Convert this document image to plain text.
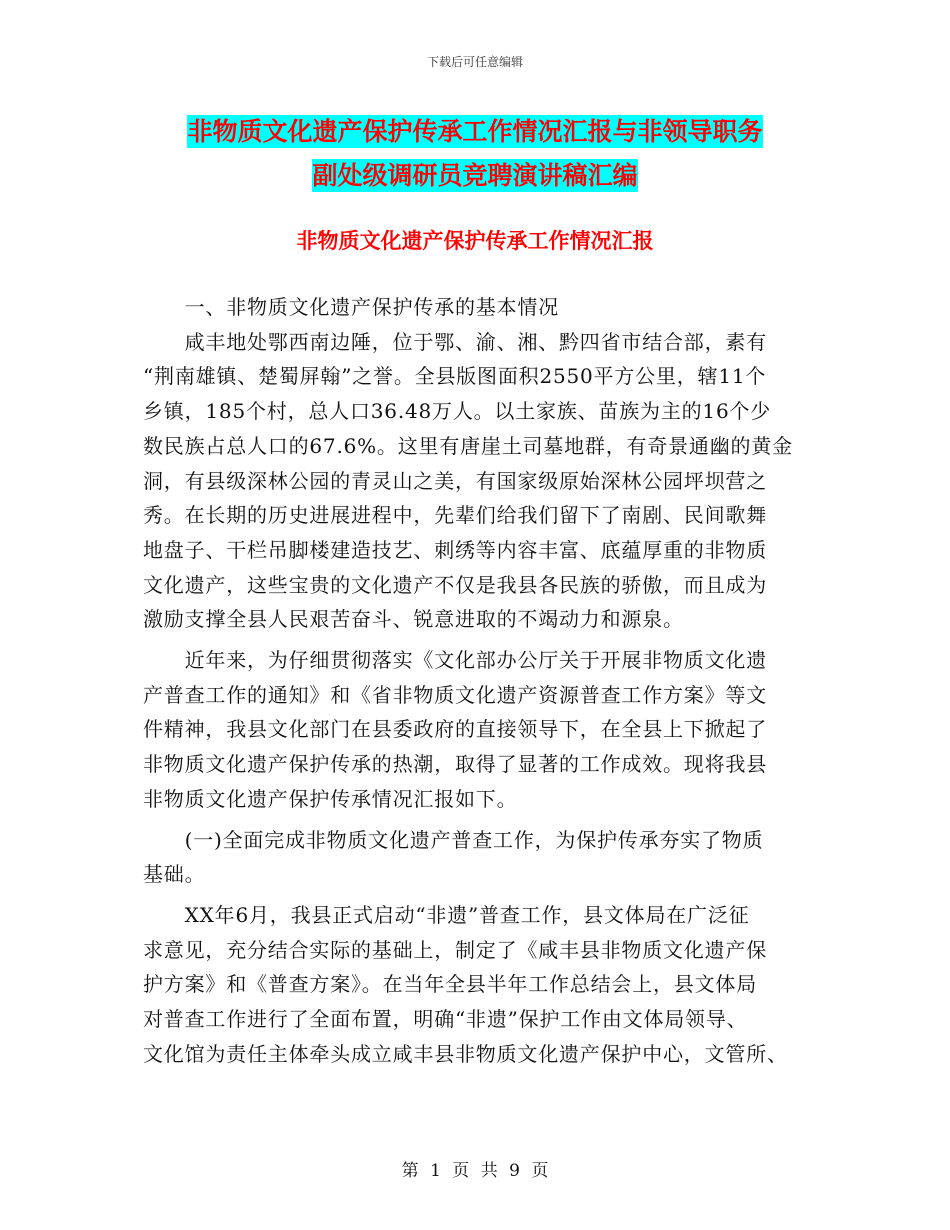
下载后可任意编辑
非物质文化遗产保护传承工作情况汇报与非领导职务
副处级调研员竞聘演讲稿汇编
非物质文化遗产保护传承工作情况汇报

　　一、非物质文化遗产保护传承的基本情况

　　咸丰地处鄂西南边陲，位于鄂、渝、湘、黔四省市结合部，素有

“荆南雄镇、楚蜀屏翰”之誉。全县版图面积2550平方公里，辖11个

乡镇，185个村，总人口36.48万人。以土家族、苗族为主的16个少

数民族占总人口的67.6%。这里有唐崖土司墓地群，有奇景通幽的黄金

洞，有县级深林公园的青灵山之美，有国家级原始深林公园坪坝营之

秀。在长期的历史进展进程中，先辈们给我们留下了南剧、民间歌舞

地盘子、干栏吊脚楼建造技艺、刺绣等内容丰富、底蕴厚重的非物质

文化遗产，这些宝贵的文化遗产不仅是我县各民族的骄傲，而且成为

激励支撑全县人民艰苦奋斗、锐意进取的不竭动力和源泉。

　　近年来，为仔细贯彻落实《文化部办公厅关于开展非物质文化遗

产普查工作的通知》和《省非物质文化遗产资源普查工作方案》等文

件精神，我县文化部门在县委政府的直接领导下，在全县上下掀起了

非物质文化遗产保护传承的热潮，取得了显著的工作成效。现将我县

非物质文化遗产保护传承情况汇报如下。

　　(一)全面完成非物质文化遗产普查工作，为保护传承夯实了物质

基础。

　　XX年6月，我县正式启动“非遗”普查工作，县文体局在广泛征

求意见，充分结合实际的基础上，制定了《咸丰县非物质文化遗产保

护方案》和《普查方案》。在当年全县半年工作总结会上，县文体局

对普查工作进行了全面布置，明确“非遗”保护工作由文体局领导、

文化馆为责任主体牵头成立咸丰县非物质文化遗产保护中心，文管所、

第 1 页 共 9 页
